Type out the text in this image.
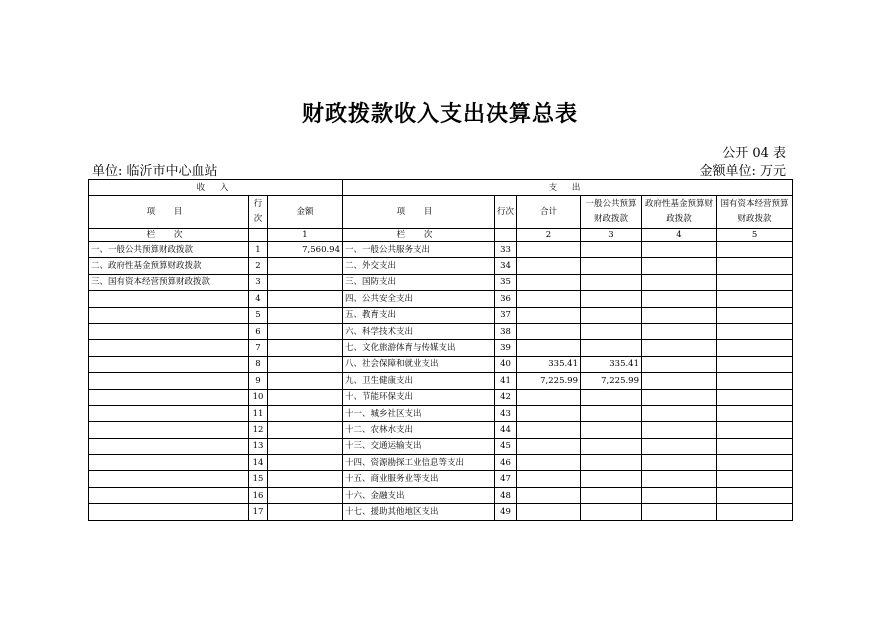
财政拨款收入支出决算总表
公开 04 表
单位: 临沂市中心血站	金额单位: 万元
收 入			支 出					
项 目	行次	金额	项 目	行次	合计	一般公共预算财政拨款	政府性基金预算财政拨款	国有资本经营预算财政拨款
栏 次		1	栏 次		2	3	4	5
一、一般公共预算财政拨款	1	7,560.94	一、一般公共服务支出	33				
二、政府性基金预算财政拨款	2		二、外交支出	34				
三、国有资本经营预算财政拨款	3		三、国防支出	35				
	4		四、公共安全支出	36				
	5		五、教育支出	37				
	6		六、科学技术支出	38				
	7		七、文化旅游体育与传媒支出	39				
	8		八、社会保障和就业支出	40	335.41	335.41		
	9		九、卫生健康支出	41	7,225.99	7,225.99		
	10		十、节能环保支出	42				
	11		十一、城乡社区支出	43				
	12		十二、农林水支出	44				
	13		十三、交通运输支出	45				
	14		十四、资源勘探工业信息等支出	46				
	15		十五、商业服务业等支出	47				
	16		十六、金融支出	48				
	17		十七、援助其他地区支出	49				
